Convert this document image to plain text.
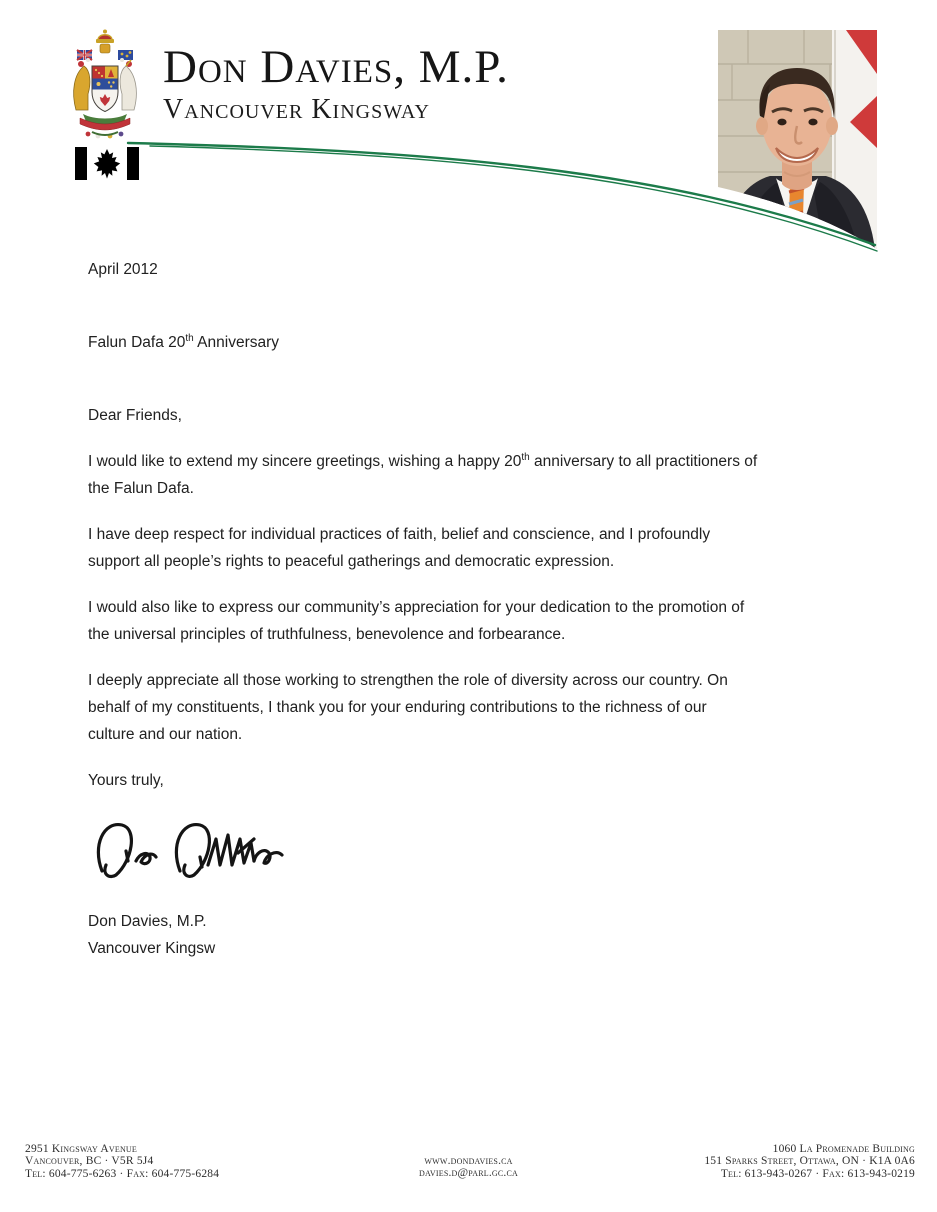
Don Davies, M.P.
Vancouver Kingsway

April 2012

Falun Dafa 20th Anniversary

Dear Friends,

I would like to extend my sincere greetings, wishing a happy 20th anniversary to all practitioners of
the Falun Dafa.

I have deep respect for individual practices of faith, belief and conscience, and I profoundly
support all people’s rights to peaceful gatherings and democratic expression.

I would also like to express our community’s appreciation for your dedication to the promotion of
the universal principles of truthfulness, benevolence and forbearance.

I deeply appreciate all those working to strengthen the role of diversity across our country. On
behalf of my constituents, I thank you for your enduring contributions to the richness of our
culture and our nation.

Yours truly,

Don Davies, M.P.
Vancouver Kingsw
2951 Kingsway Avenue
Vancouver, BC · V5R 5J4
Tel: 604-775-6263 · Fax: 604-775-6284
www.dondavies.ca
davies.d@parl.gc.ca
1060 La Promenade Building
151 Sparks Street, Ottawa, ON · K1A 0A6
Tel: 613-943-0267 · Fax: 613-943-0219
